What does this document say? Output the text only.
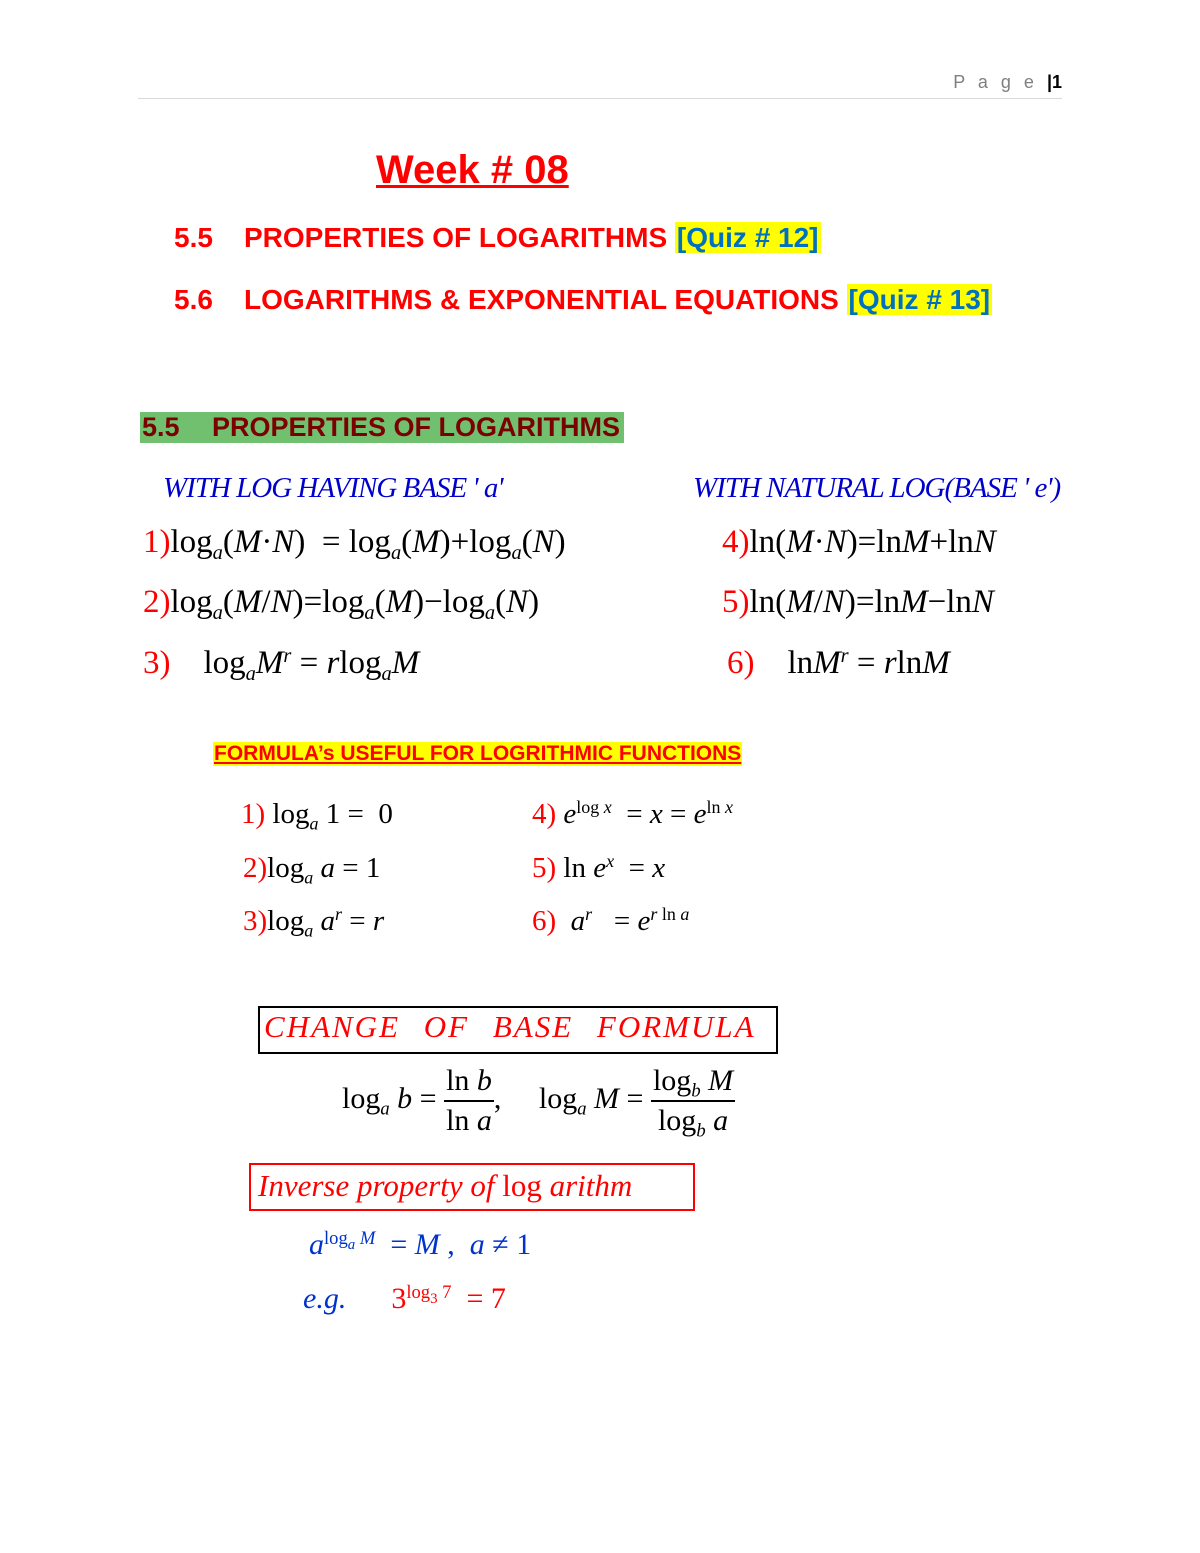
P a g e |1
Week # 08
5.5 PROPERTIES OF LOGARITHMS [Quiz # 12]
5.6 LOGARITHMS & EXPONENTIAL EQUATIONS [Quiz # 13]
5.5 PROPERTIES OF LOGARITHMS
WITH LOG HAVING BASE ' a'	WITH NATURAL LOG(BASE ' e')
$1)\log_a(M\cdot N) = \log_a(M)+\log_a(N)$
$2)\log_a(M/N)=\log_a(M)-\log_a(N)$
3)    $\log_aM^r = rlog_aM$
4)ln(M·N)=lnM+lnN
5)ln(M/N)=lnM−lnN
6)    lnM$^r$ = rlnM
FORMULA’s USEFUL FOR LOGRITHMIC FUNCTIONS
1) $\log_a 1 = 0$
$2)\log_a$ a = 1
$3)\log_a$ $a^r = r$
4) $e^{log x} = x = e^{ln x}$
5) $\ln e^x = x$
6) $a^r = e^{r ln a}$
CHANGE OF BASE FORMULA
$\log_a b = \frac{\text{ln b}}{\text{ln a}}$ , $\log_a M = \frac{\log_b M}{\log_b a}$
Inverse property of log arithm
$a^{log_a M} = M$ ,  a ≠ 1
e.g. $3^{log_3 7} = 7$
